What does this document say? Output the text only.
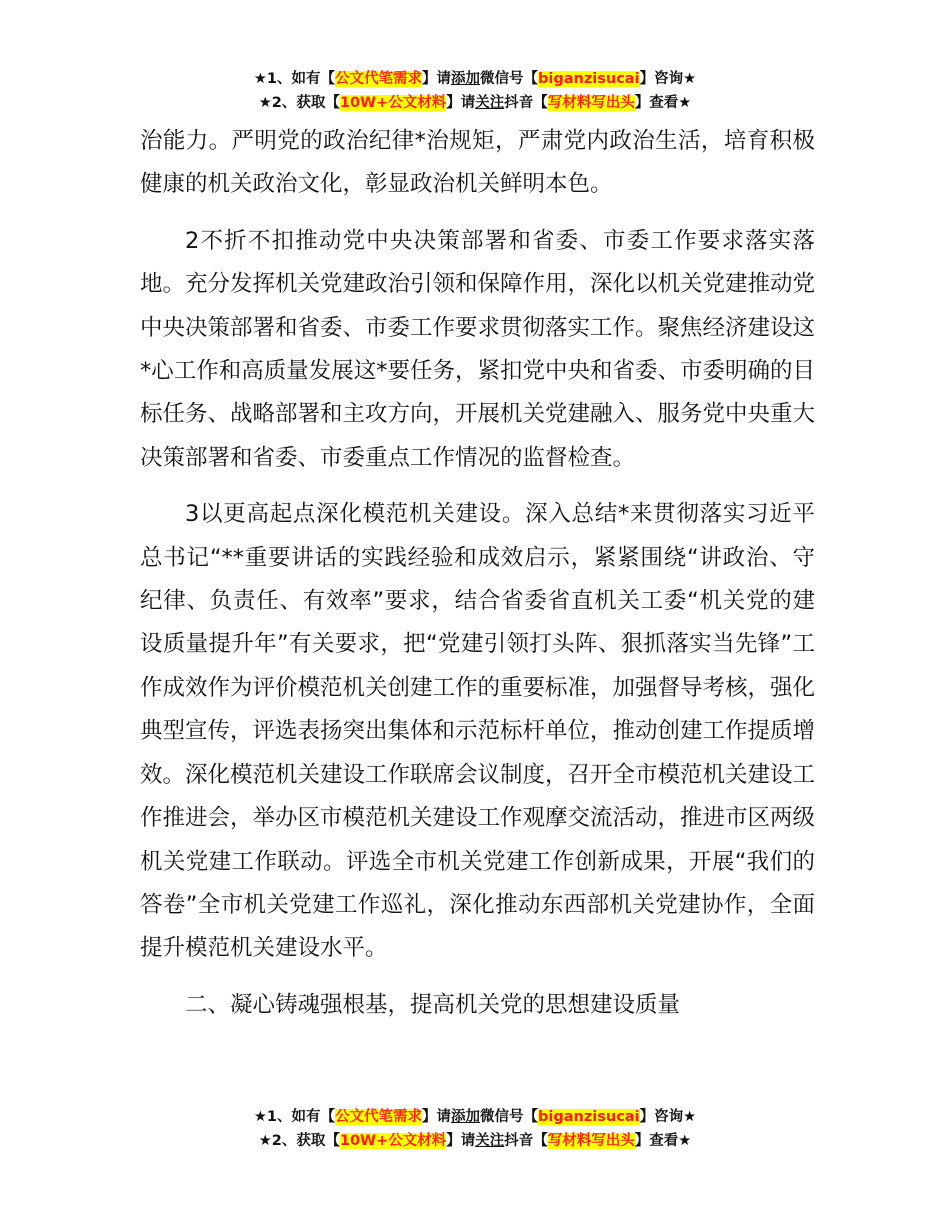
★1、如有【公文代笔需求】请添加微信号【biganzisucai】咨询★
★2、获取【10W+公文材料】请关注抖音【写材料写出头】查看★

治能力。严明党的政治纪律*治规矩，严肃党内政治生活，培育积极健康的机关政治文化，彰显政治机关鲜明本色。

2不折不扣推动党中央决策部署和省委、市委工作要求落实落地。充分发挥机关党建政治引领和保障作用，深化以机关党建推动党中央决策部署和省委、市委工作要求贯彻落实工作。聚焦经济建设这*心工作和高质量发展这*要任务，紧扣党中央和省委、市委明确的目标任务、战略部署和主攻方向，开展机关党建融入、服务党中央重大决策部署和省委、市委重点工作情况的监督检查。

3以更高起点深化模范机关建设。深入总结*来贯彻落实习近平总书记“**重要讲话的实践经验和成效启示，紧紧围绕“讲政治、守纪律、负责任、有效率”要求，结合省委省直机关工委“机关党的建设质量提升年”有关要求，把“党建引领打头阵、狠抓落实当先锋”工作成效作为评价模范机关创建工作的重要标准，加强督导考核，强化典型宣传，评选表扬突出集体和示范标杆单位，推动创建工作提质增效。深化模范机关建设工作联席会议制度，召开全市模范机关建设工作推进会，举办区市模范机关建设工作观摩交流活动，推进市区两级机关党建工作联动。评选全市机关党建工作创新成果，开展“我们的答卷”全市机关党建工作巡礼，深化推动东西部机关党建协作，全面提升模范机关建设水平。

二、凝心铸魂强根基，提高机关党的思想建设质量

★1、如有【公文代笔需求】请添加微信号【biganzisucai】咨询★
★2、获取【10W+公文材料】请关注抖音【写材料写出头】查看★
